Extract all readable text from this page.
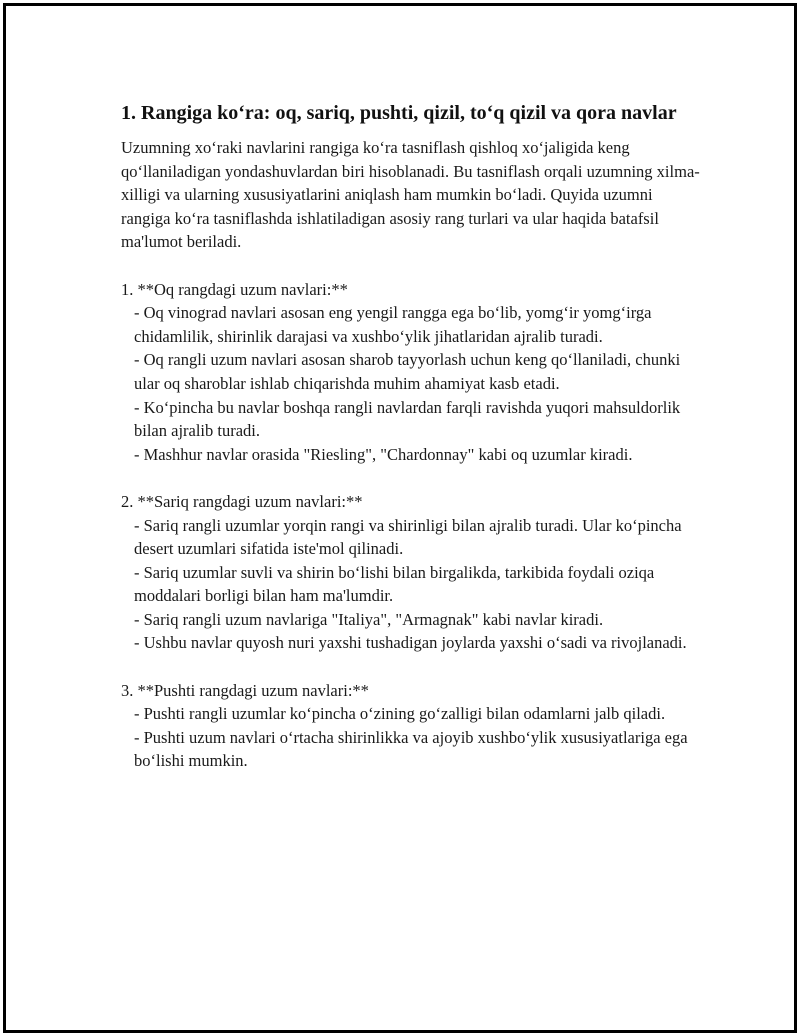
1. Rangiga ko‘ra: oq, sariq, pushti, qizil, to‘q qizil va qora navlar

Uzumning xo‘raki navlarini rangiga ko‘ra tasniflash qishloq xo‘jaligida keng qo‘llaniladigan yondashuvlardan biri hisoblanadi. Bu tasniflash orqali uzumning xilma-xilligi va ularning xususiyatlarini aniqlash ham mumkin bo‘ladi. Quyida uzumni rangiga ko‘ra tasniflashda ishlatiladigan asosiy rang turlari va ular haqida batafsil ma'lumot beriladi.

1. **Oq rangdagi uzum navlari:**

- Oq vinograd navlari asosan eng yengil rangga ega bo‘lib, yomg‘ir yomg‘irga chidamlilik, shirinlik darajasi va xushbo‘ylik jihatlaridan ajralib turadi.

- Oq rangli uzum navlari asosan sharob tayyorlash uchun keng qo‘llaniladi, chunki ular oq sharoblar ishlab chiqarishda muhim ahamiyat kasb etadi.

- Ko‘pincha bu navlar boshqa rangli navlardan farqli ravishda yuqori mahsuldorlik bilan ajralib turadi.

- Mashhur navlar orasida "Riesling", "Chardonnay" kabi oq uzumlar kiradi.

2. **Sariq rangdagi uzum navlari:**

- Sariq rangli uzumlar yorqin rangi va shirinligi bilan ajralib turadi. Ular ko‘pincha desert uzumlari sifatida iste'mol qilinadi.

- Sariq uzumlar suvli va shirin bo‘lishi bilan birgalikda, tarkibida foydali oziqa moddalari borligi bilan ham ma'lumdir.

- Sariq rangli uzum navlariga "Italiya", "Armagnak" kabi navlar kiradi.

- Ushbu navlar quyosh nuri yaxshi tushadigan joylarda yaxshi o‘sadi va rivojlanadi.

3. **Pushti rangdagi uzum navlari:**

- Pushti rangli uzumlar ko‘pincha o‘zining go‘zalligi bilan odamlarni jalb qiladi.

- Pushti uzum navlari o‘rtacha shirinlikka va ajoyib xushbo‘ylik xususiyatlariga ega bo‘lishi mumkin.
